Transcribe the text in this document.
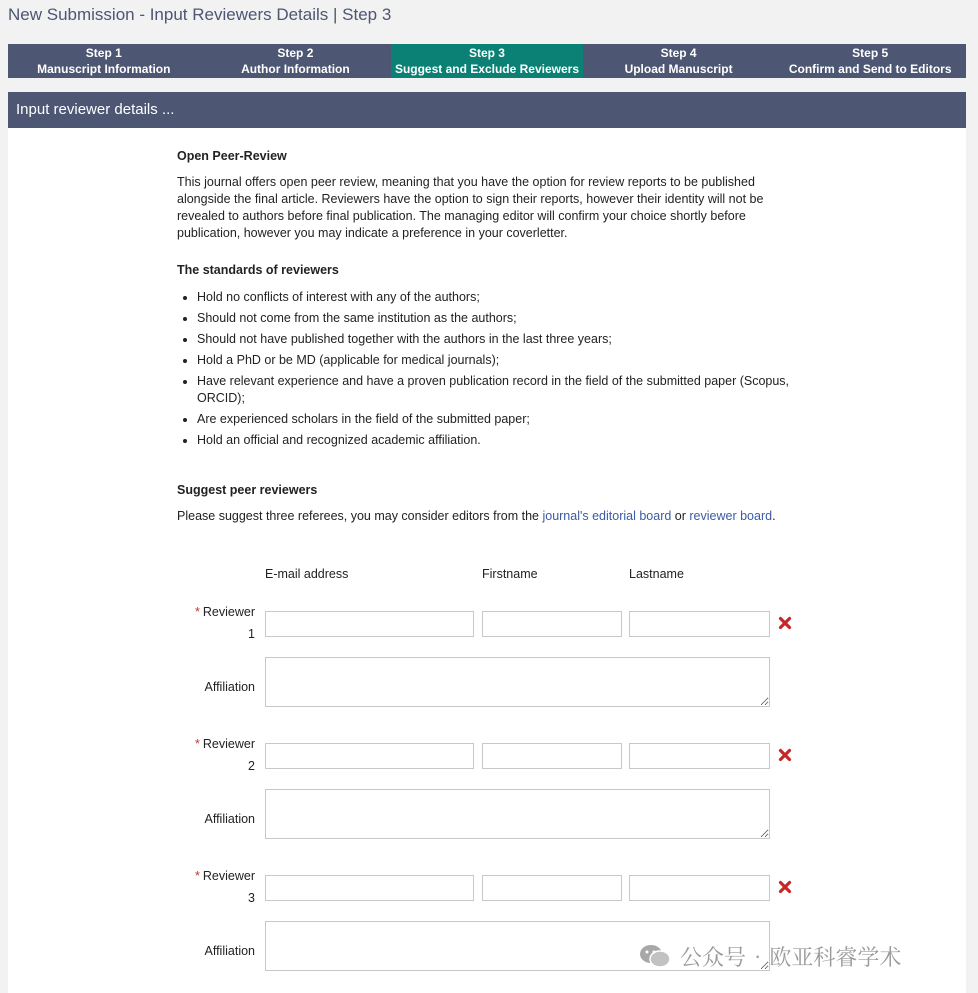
New Submission - Input Reviewers Details | Step 3
Step 1
Manuscript Information
Step 2
Author Information
Step 3
Suggest and Exclude Reviewers
Step 4
Upload Manuscript
Step 5
Confirm and Send to Editors
Input reviewer details ...
Open Peer-Review

This journal offers open peer review, meaning that you have the option for review reports to be published alongside the final article. Reviewers have the option to sign their reports, however their identity will not be revealed to authors before final publication. The managing editor will confirm your choice shortly before publication, however you may indicate a preference in your coverletter.

The standards of reviewers
• Hold no conflicts of interest with any of the authors;
• Should not come from the same institution as the authors;
• Should not have published together with the authors in the last three years;
• Hold a PhD or be MD (applicable for medical journals);
• Have relevant experience and have a proven publication record in the field of the submitted paper (Scopus, ORCID);
• Are experienced scholars in the field of the submitted paper;
• Hold an official and recognized academic affiliation.
Suggest peer reviewers

Please suggest three referees, you may consider editors from the journal's editorial board or reviewer board.

E-mail address	Firstname	Lastname
* Reviewer
1
Affiliation
* Reviewer
2
Affiliation
* Reviewer
3
Affiliation	公众号 · 欧亚科睿学术
